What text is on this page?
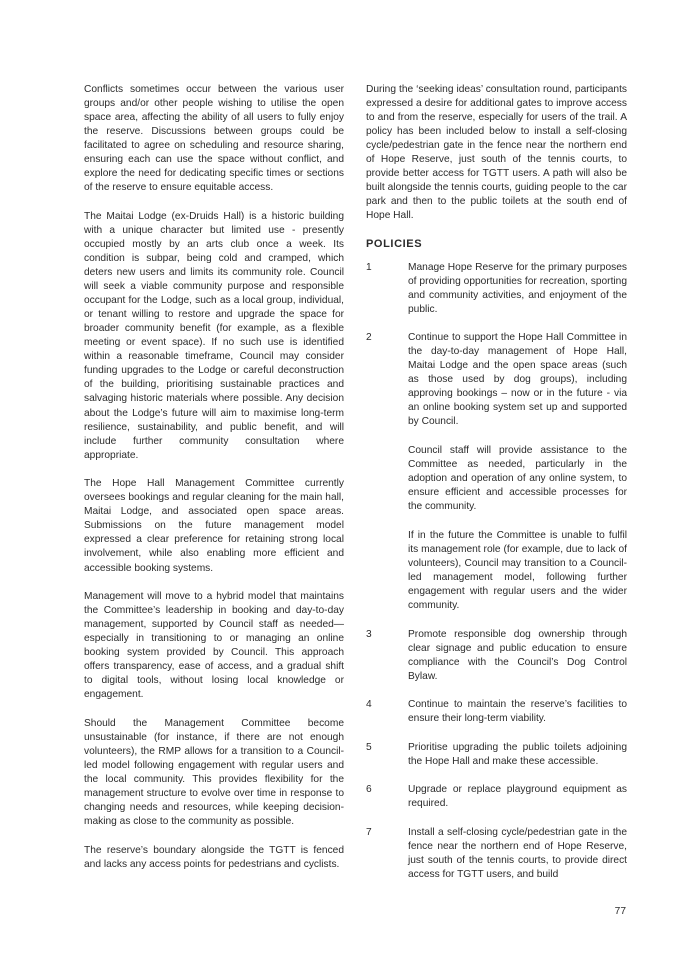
Conflicts sometimes occur between the various user groups and/or other people wishing to utilise the open space area, affecting the ability of all users to fully enjoy the reserve. Discussions between groups could be facilitated to agree on scheduling and resource sharing, ensuring each can use the space without conflict, and explore the need for dedicating specific times or sections of the reserve to ensure equitable access.

The Maitai Lodge (ex-Druids Hall) is a historic building with a unique character but limited use - presently occupied mostly by an arts club once a week. Its condition is subpar, being cold and cramped, which deters new users and limits its community role. Council will seek a viable community purpose and responsible occupant for the Lodge, such as a local group, individual, or tenant willing to restore and upgrade the space for broader community benefit (for example, as a flexible meeting or event space). If no such use is identified within a reasonable timeframe, Council may consider funding upgrades to the Lodge or careful deconstruction of the building, prioritising sustainable practices and salvaging historic materials where possible. Any decision about the Lodge’s future will aim to maximise long-term resilience, sustainability, and public benefit, and will include further community consultation where appropriate.

The Hope Hall Management Committee currently oversees bookings and regular cleaning for the main hall, Maitai Lodge, and associated open space areas. Submissions on the future management model expressed a clear preference for retaining strong local involvement, while also enabling more efficient and accessible booking systems.

Management will move to a hybrid model that maintains the Committee’s leadership in booking and day-to-day management, supported by Council staff as needed—especially in transitioning to or managing an online booking system provided by Council. This approach offers transparency, ease of access, and a gradual shift to digital tools, without losing local knowledge or engagement.

Should the Management Committee become unsustainable (for instance, if there are not enough volunteers), the RMP allows for a transition to a Council-led model following engagement with regular users and the local community. This provides flexibility for the management structure to evolve over time in response to changing needs and resources, while keeping decision-making as close to the community as possible.

The reserve’s boundary alongside the TGTT is fenced and lacks any access points for pedestrians and cyclists.

During the ‘seeking ideas’ consultation round, participants expressed a desire for additional gates to improve access to and from the reserve, especially for users of the trail. A policy has been included below to install a self-closing cycle/pedestrian gate in the fence near the northern end of Hope Reserve, just south of the tennis courts, to provide better access for TGTT users. A path will also be built alongside the tennis courts, guiding people to the car park and then to the public toilets at the south end of Hope Hall.

POLICIES
1	Manage Hope Reserve for the primary purposes of providing opportunities for recreation, sporting and community activities, and enjoyment of the public.

2	Continue to support the Hope Hall Committee in the day-to-day management of Hope Hall, Maitai Lodge and the open space areas (such as those used by dog groups), including approving bookings – now or in the future - via an online booking system set up and supported by Council.

Council staff will provide assistance to the Committee as needed, particularly in the adoption and operation of any online system, to ensure efficient and accessible processes for the community.

If in the future the Committee is unable to fulfil its management role (for example, due to lack of volunteers), Council may transition to a Council-led management model, following further engagement with regular users and the wider community.

3	Promote responsible dog ownership through clear signage and public education to ensure compliance with the Council’s Dog Control Bylaw.

4	Continue to maintain the reserve’s facilities to ensure their long-term viability.

5	Prioritise upgrading the public toilets adjoining the Hope Hall and make these accessible.

6	Upgrade or replace playground equipment as required.

7	Install a self-closing cycle/pedestrian gate in the fence near the northern end of Hope Reserve, just south of the tennis courts, to provide direct access for TGTT users, and build

77
